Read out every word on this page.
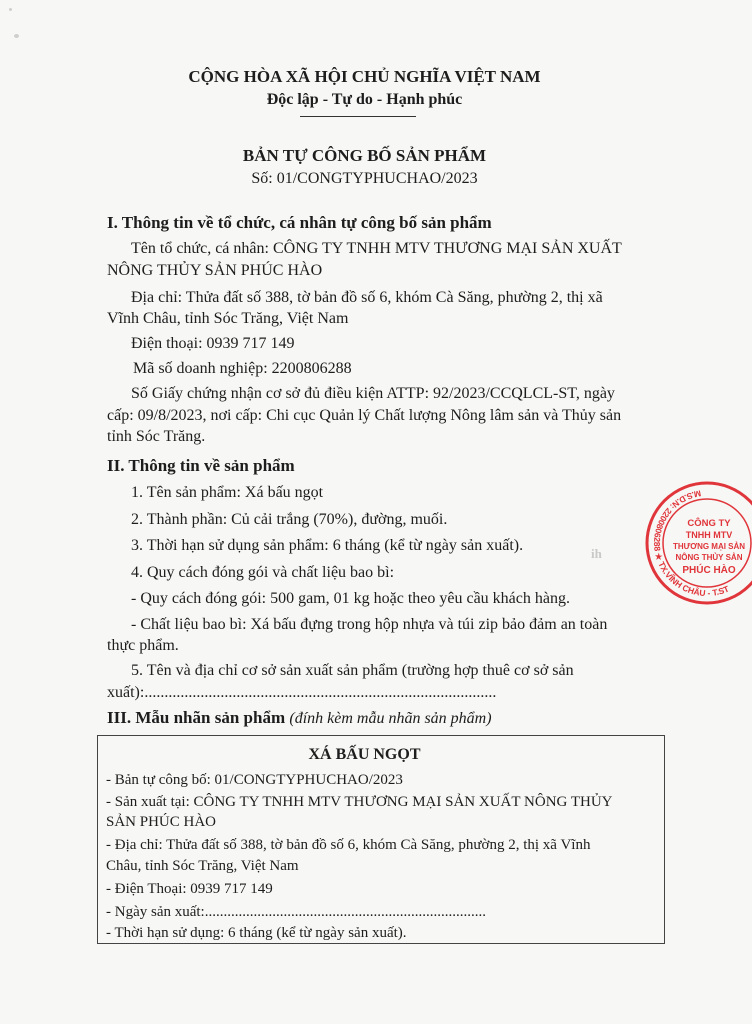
CỘNG HÒA XÃ HỘI CHỦ NGHĨA VIỆT NAM
Độc lập - Tự do - Hạnh phúc
BẢN TỰ CÔNG BỐ SẢN PHẨM
Số: 01/CONGTYPHUCHAO/2023
I. Thông tin về tổ chức, cá nhân tự công bố sản phẩm
Tên tổ chức, cá nhân: CÔNG TY TNHH MTV THƯƠNG MẠI SẢN XUẤT
NÔNG THỦY SẢN PHÚC HÀO
Địa chỉ: Thửa đất số 388, tờ bản đồ số 6, khóm Cà Săng, phường 2, thị xã
Vĩnh Châu, tỉnh Sóc Trăng, Việt Nam
Điện thoại: 0939 717 149
Mã số doanh nghiệp: 2200806288
Số Giấy chứng nhận cơ sở đủ điều kiện ATTP: 92/2023/CCQLCL-ST, ngày
cấp: 09/8/2023, nơi cấp: Chi cục Quản lý Chất lượng Nông lâm sản và Thủy sản
tỉnh Sóc Trăng.
II. Thông tin về sản phẩm
1. Tên sản phẩm: Xá bấu ngọt
2. Thành phần: Củ cải trắng (70%), đường, muối.
3. Thời hạn sử dụng sản phẩm: 6 tháng (kể từ ngày sản xuất).
4. Quy cách đóng gói và chất liệu bao bì:
- Quy cách đóng gói: 500 gam, 01 kg hoặc theo yêu cầu khách hàng.
- Chất liệu bao bì: Xá bấu đựng trong hộp nhựa và túi zip bảo đảm an toàn
thực phẩm.
5. Tên và địa chỉ cơ sở sản xuất sản phẩm (trường hợp thuê cơ sở sản
xuất):........................................................................................
III. Mẫu nhãn sản phẩm (đính kèm mẫu nhãn sản phẩm)
XÁ BẤU NGỌT
- Bản tự công bố: 01/CONGTYPHUCHAO/2023
- Sản xuất tại: CÔNG TY TNHH MTV THƯƠNG MẠI SẢN XUẤT NÔNG THỦY
SẢN PHÚC HÀO
- Địa chỉ: Thửa đất số 388, tờ bản đồ số 6, khóm Cà Săng, phường 2, thị xã Vĩnh
Châu, tỉnh Sóc Trăng, Việt Nam
- Điện Thoại: 0939 717 149
- Ngày sản xuất:...........................................................................
- Thời hạn sử dụng: 6 tháng (kể từ ngày sản xuất).
ih
M.S.D.N: 2200806288 ★ TX.VĨNH CHÂU - T.ST
CÔNG TY
TNHH MTV
THƯƠNG MẠI SẢN
NÔNG THỦY SẢN
PHÚC HÀO
